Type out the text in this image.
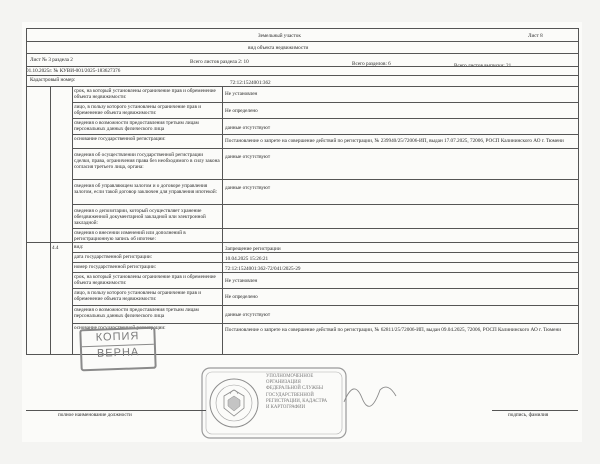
Земельный участок	Лист 8
вид объекта недвижимости
Лист № 3 раздела 2	Всего листов раздела 2: 10	Всего разделов: 6	Всего листов выписки: 21
01.10.2025г. № КУВИ-001/2025-183627376
Кадастровый номер:	72:12:1524001:362
срок, на который установлены ограничение прав и обременение объекта недвижимости:
Не установлен
лицо, в пользу которого установлены ограничение прав и обременение объекта недвижимости:	Не определено
сведения о возможности предоставления третьим лицам персональных данных физического лица	данные отсутствуют
основание государственной регистрации:	Постановление о запрете на совершение действий по регистрации, № 239940/25/72006-ИП, выдан 17.07.2025, 72006, РОСП Калининского АО г. Тюмени
сведения об осуществлении государственной регистрации сделки, права, ограничения права без необходимого в силу закона согласия третьего лица, органа:
данные отсутствуют
сведения об управляющем залогом и о договоре управления залогом, если такой договор заключен для управления ипотекой:
данные отсутствуют
сведения о депозитарии, который осуществляет хранение обездвиженной документарной закладной или электронной закладной:
сведения о внесении изменений или дополнений в регистрационную запись об ипотеке:
4.4	вид:	Запрещение регистрации
дата государственной регистрации:	10.04.2025 15:26:21
номер государственной регистрации:	72:12:1524001:362-72/041/2025-29
срок, на который установлены ограничение прав и обременение объекта недвижимости:	Не установлен
лицо, в пользу которого установлены ограничение прав и обременение объекта недвижимости:	Не определено
сведения о возможности предоставления третьим лицам персональных данных физического лица	данные отсутствуют
основание государственной регистрации:	Постановление о запрете на совершение действий по регистрации, № 62811/25/72006-ИП, выдан 09.04.2025, 72006, РОСП Калининского АО г. Тюмени
КОПИЯ
ВЕРНА
УПОЛНОМОЧЕННОЕ
ОРГАНИЗАЦИЯ
ФЕДЕРАЛЬНОЙ СЛУЖБЫ
ГОСУДАРСТВЕННОЙ
РЕГИСТРАЦИИ, КАДАСТРА
И КАРТОГРАФИИ
полное наименование должности	подпись, фамилия
